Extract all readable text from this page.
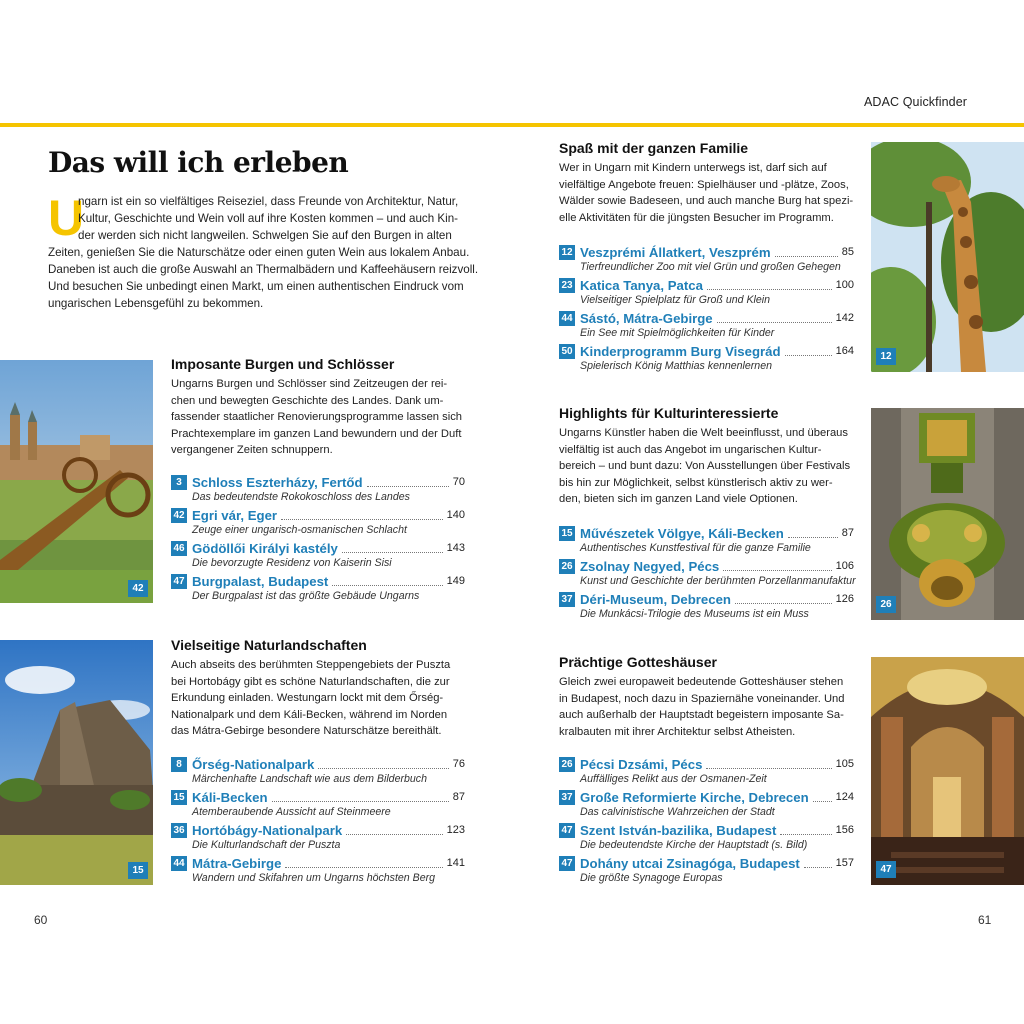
ADAC Quickfinder
Das will ich erleben
U
ngarn ist ein so vielfältiges Reiseziel, dass Freunde von Architektur, Natur,
Kultur, Geschichte und Wein voll auf ihre Kosten kommen – und auch Kin-
der werden sich nicht langweilen. Schwelgen Sie auf den Burgen in alten
Zeiten, genießen Sie die Naturschätze oder einen guten Wein aus lokalem Anbau.
Daneben ist auch die große Auswahl an Thermalbädern und Kaffeehäusern reizvoll.
Und besuchen Sie unbedingt einen Markt, um einen authentischen Eindruck vom
ungarischen Lebensgefühl zu bekommen.
42
Imposante Burgen und Schlösser
Ungarns Burgen und Schlösser sind Zeitzeugen der rei-
chen und bewegten Geschichte des Landes. Dank um-
fassender staatlicher Renovierungsprogramme lassen sich
Prachtexemplare im ganzen Land bewundern und der Duft
vergangener Zeiten schnuppern.
3 Schloss Eszterházy, Fertőd	70
Das bedeutendste Rokokoschloss des Landes
42 Egri vár, Eger	140
Zeuge einer ungarisch-osmanischen Schlacht
46 Gödöllői Királyi kastély	143
Die bevorzugte Residenz von Kaiserin Sisi
47 Burgpalast, Budapest	149
Der Burgpalast ist das größte Gebäude Ungarns
15
Vielseitige Naturlandschaften
Auch abseits des berühmten Steppengebiets der Puszta
bei Hortobágy gibt es schöne Naturlandschaften, die zur
Erkundung einladen. Westungarn lockt mit dem Őrség-
Nationalpark und dem Káli-Becken, während im Norden
das Mátra-Gebirge besondere Naturschätze bereithält.
8 Őrség-Nationalpark	76
Märchenhafte Landschaft wie aus dem Bilderbuch
15 Káli-Becken	87
Atemberaubende Aussicht auf Steinmeere
36 Hortóbágy-Nationalpark	123
Die Kulturlandschaft der Puszta
44 Mátra-Gebirge	141
Wandern und Skifahren um Ungarns höchsten Berg
Spaß mit der ganzen Familie
Wer in Ungarn mit Kindern unterwegs ist, darf sich auf
vielfältige Angebote freuen: Spielhäuser und -plätze, Zoos,
Wälder sowie Badeseen, und auch manche Burg hat spezi-
elle Aktivitäten für die jüngsten Besucher im Programm.
12 Veszprémi Állatkert, Veszprém	85
Tierfreundlicher Zoo mit viel Grün und großen Gehegen
23 Katica Tanya, Patca	100
Vielseitiger Spielplatz für Groß und Klein
44 Sástó, Mátra-Gebirge	142
Ein See mit Spielmöglichkeiten für Kinder
50 Kinderprogramm Burg Visegrád	164
Spielerisch König Matthias kennenlernen
12
Highlights für Kulturinteressierte
Ungarns Künstler haben die Welt beeinflusst, und überaus
vielfältig ist auch das Angebot im ungarischen Kultur-
bereich – und bunt dazu: Von Ausstellungen über Festivals
bis hin zur Möglichkeit, selbst künstlerisch aktiv zu wer-
den, bieten sich im ganzen Land viele Optionen.
15 Művészetek Völgye, Káli-Becken	87
Authentisches Kunstfestival für die ganze Familie
26 Zsolnay Negyed, Pécs	106
Kunst und Geschichte der berühmten Porzellanmanufaktur
37 Déri-Museum, Debrecen	126
Die Munkácsi-Trilogie des Museums ist ein Muss
26
Prächtige Gotteshäuser
Gleich zwei europaweit bedeutende Gotteshäuser stehen
in Budapest, noch dazu in Spaziernähe voneinander. Und
auch außerhalb der Hauptstadt begeistern imposante Sa-
kralbauten mit ihrer Architektur selbst Atheisten.
26 Pécsi Dzsámi, Pécs	105
Auffälliges Relikt aus der Osmanen-Zeit
37 Große Reformierte Kirche, Debrecen 124
Das calvinistische Wahrzeichen der Stadt
47 Szent István-bazilika, Budapest	156
Die bedeutendste Kirche der Hauptstadt (s. Bild)
47 Dohány utcai Zsinagóga, Budapest	157
Die größte Synagoge Europas
47
60	61
